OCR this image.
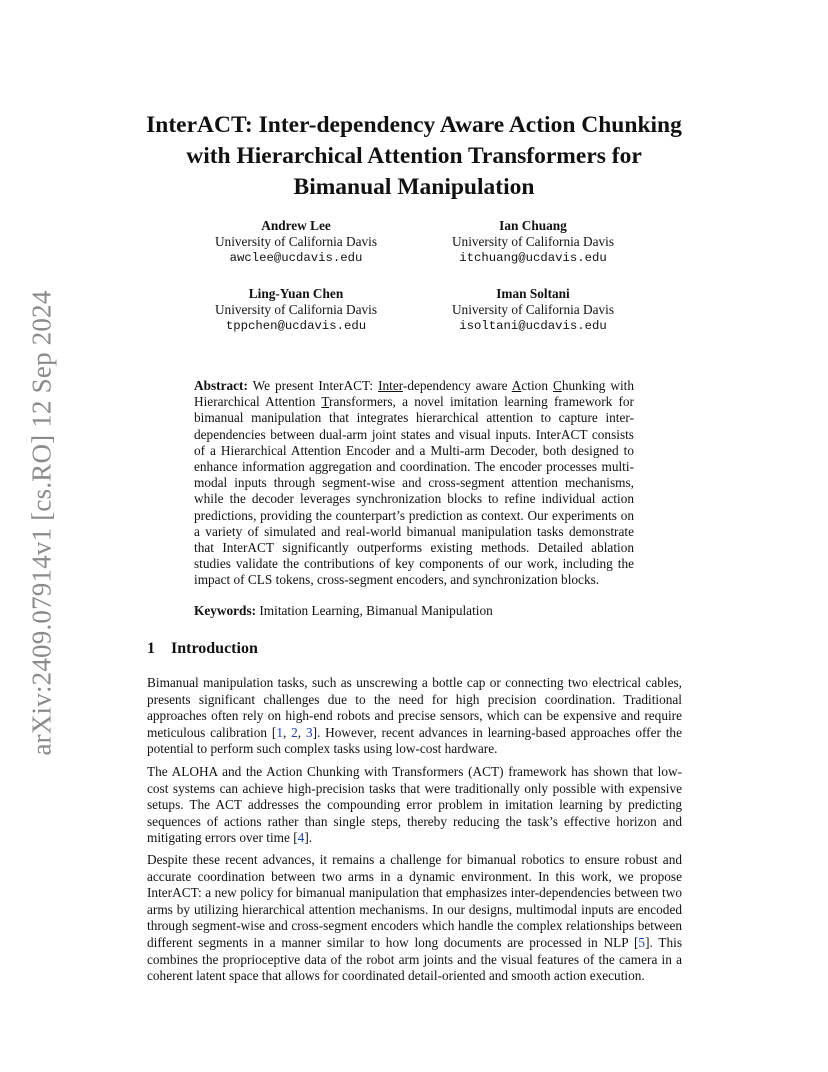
arXiv:2409.07914v1 [cs.RO] 12 Sep 2024
InterACT: Inter-dependency Aware Action Chunking
with Hierarchical Attention Transformers for
Bimanual Manipulation
Andrew Lee
University of California Davis
awclee@ucdavis.edu
Ian Chuang
University of California Davis
itchuang@ucdavis.edu
Ling-Yuan Chen
University of California Davis
tppchen@ucdavis.edu
Iman Soltani
University of California Davis
isoltani@ucdavis.edu
Abstract: We present InterACT: Inter-dependency aware Action Chunking with Hierarchical Attention Transformers, a novel imitation learning framework for bimanual manipulation that integrates hierarchical attention to capture inter-dependencies between dual-arm joint states and visual inputs. InterACT consists of a Hierarchical Attention Encoder and a Multi-arm Decoder, both designed to enhance information aggregation and coordination. The encoder processes multi-modal inputs through segment-wise and cross-segment attention mechanisms, while the decoder leverages synchronization blocks to refine individual action predictions, providing the counterpart’s prediction as context. Our experiments on a variety of simulated and real-world bimanual manipulation tasks demonstrate that InterACT significantly outperforms existing methods. Detailed ablation studies validate the contributions of key components of our work, including the impact of CLS tokens, cross-segment encoders, and synchronization blocks.
Keywords: Imitation Learning, Bimanual Manipulation
1 Introduction
Bimanual manipulation tasks, such as unscrewing a bottle cap or connecting two electrical cables, presents significant challenges due to the need for high precision coordination. Traditional approaches often rely on high-end robots and precise sensors, which can be expensive and require meticulous calibration [1, 2, 3]. However, recent advances in learning-based approaches offer the potential to perform such complex tasks using low-cost hardware.
The ALOHA and the Action Chunking with Transformers (ACT) framework has shown that low-cost systems can achieve high-precision tasks that were traditionally only possible with expensive setups. The ACT addresses the compounding error problem in imitation learning by predicting sequences of actions rather than single steps, thereby reducing the task’s effective horizon and mitigating errors over time [4].
Despite these recent advances, it remains a challenge for bimanual robotics to ensure robust and accurate coordination between two arms in a dynamic environment. In this work, we propose InterACT: a new policy for bimanual manipulation that emphasizes inter-dependencies between two arms by utilizing hierarchical attention mechanisms. In our designs, multimodal inputs are encoded through segment-wise and cross-segment encoders which handle the complex relationships between different segments in a manner similar to how long documents are processed in NLP [5]. This combines the proprioceptive data of the robot arm joints and the visual features of the camera in a coherent latent space that allows for coordinated detail-oriented and smooth action execution.
